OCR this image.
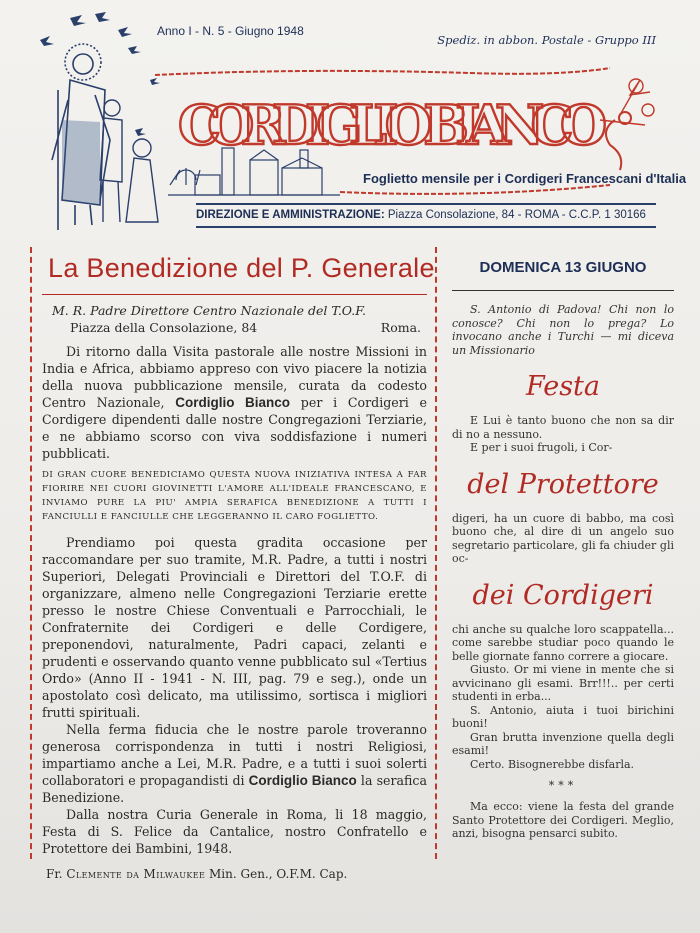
CORDIGLIO BIANCO
Anno I - N. 5 - Giugno 1948
Spediz. in abbon. Postale - Gruppo III
Foglietto mensile per i Cordigeri Francescani d'Italia
DIREZIONE E AMMINISTRAZIONE: Piazza Consolazione, 84 - ROMA - C.C.P. 1 30166
La Benedizione del P. Generale
M. R. Padre Direttore Centro Nazionale del T.O.F.
Piazza della Consolazione, 84	Roma.

Di ritorno dalla Visita pastorale alle nostre Missioni in India e Africa, abbiamo appreso con vivo piacere la notizia della nuova pubblicazione mensile, curata da codesto Centro Nazionale, Cordiglio Bianco per i Cordigeri e Cordigere dipendenti dalle nostre Congregazioni Terziarie, e ne abbiamo scorso con viva soddisfazione i numeri pubblicati.

DI GRAN CUORE BENEDICIAMO QUESTA NUOVA INIZIATIVA INTESA A FAR FIORIRE NEI CUORI GIOVINETTI L'AMORE ALL'IDEALE FRANCESCANO, E INVIAMO PURE LA PIU' AMPIA SERAFICA BENEDIZIONE A TUTTI I FANCIULLI E FANCIULLE CHE LEGGERANNO IL CARO FOGLIETTO.

Prendiamo poi questa gradita occasione per raccomandare per suo tramite, M.R. Padre, a tutti i nostri Superiori, Delegati Provinciali e Direttori del T.O.F. di organizzare, almeno nelle Congregazioni Terziarie erette presso le nostre Chiese Conventuali e Parrocchiali, le Confraternite dei Cordigeri e delle Cordigere, preponendovi, naturalmente, Padri capaci, zelanti e prudenti e osservando quanto venne pubblicato sul «Tertius Ordo» (Anno II - 1941 - N. III, pag. 79 e seg.), onde un apostolato così delicato, ma utilissimo, sortisca i migliori frutti spirituali.

Nella ferma fiducia che le nostre parole troveranno generosa corrispondenza in tutti i nostri Religiosi, impartiamo anche a Lei, M.R. Padre, e a tutti i suoi solerti collaboratori e propagandisti di Cordiglio Bianco la serafica Benedizione.

Dalla nostra Curia Generale in Roma, li 18 maggio, Festa di S. Felice da Cantalice, nostro Confratello e Protettore dei Bambini, 1948.

Fr. Clemente da Milwaukee Min. Gen., O.F.M. Cap.
DOMENICA 13 GIUGNO
S. Antonio di Padova! Chi non lo conosce? Chi non lo prega? Lo invocano anche i Turchi — mi diceva un Missionario
Festa
E Lui è tanto buono che non sa dir di no a nessuno.
E per i suoi frugoli, i Cor-
del Protettore
digeri, ha un cuore di babbo, ma così buono che, al dire di un angelo suo segretario particolare, gli fa chiuder gli oc-
dei Cordigeri
chi anche su qualche loro scappatella... come sarebbe studiar poco quando le belle giornate fanno correre a giocare.
Giusto. Or mi viene in mente che si avvicinano gli esami. Brr!!!.. per certi studenti in erba...
S. Antonio, aiuta i tuoi birichini buoni!
Gran brutta invenzione quella degli esami!
Certo. Bisognerebbe disfarla.
***
Ma ecco: viene la festa del grande Santo Protettore dei Cordigeri. Meglio, anzi, bisogna pensarci subito.
